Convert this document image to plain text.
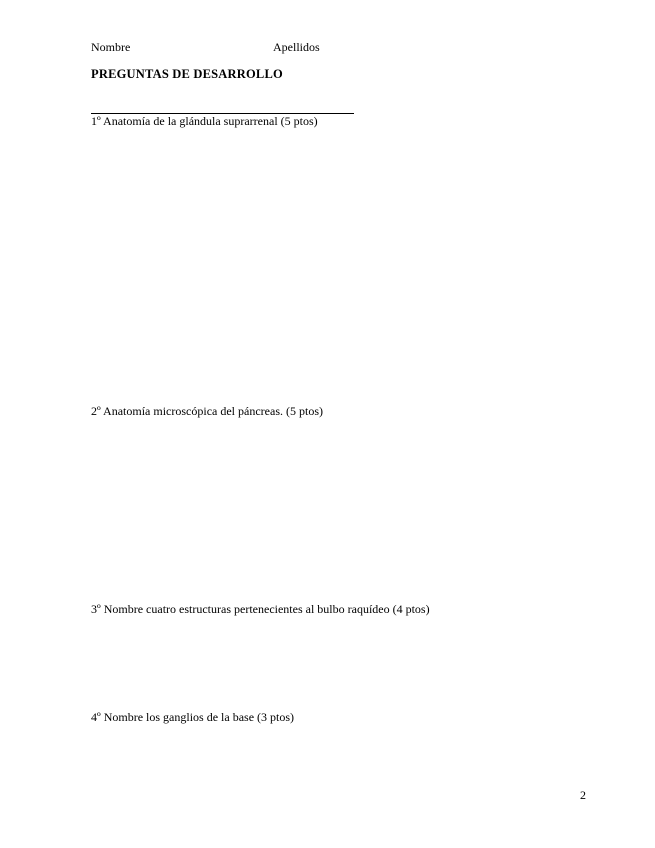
Nombre	Apellidos
PREGUNTAS DE DESARROLLO
1º Anatomía de la glándula suprarrenal (5 ptos)
2º Anatomía microscópica del páncreas. (5 ptos)
3º Nombre cuatro estructuras pertenecientes al bulbo raquídeo (4 ptos)
4º Nombre los ganglios de la base (3 ptos)
2
